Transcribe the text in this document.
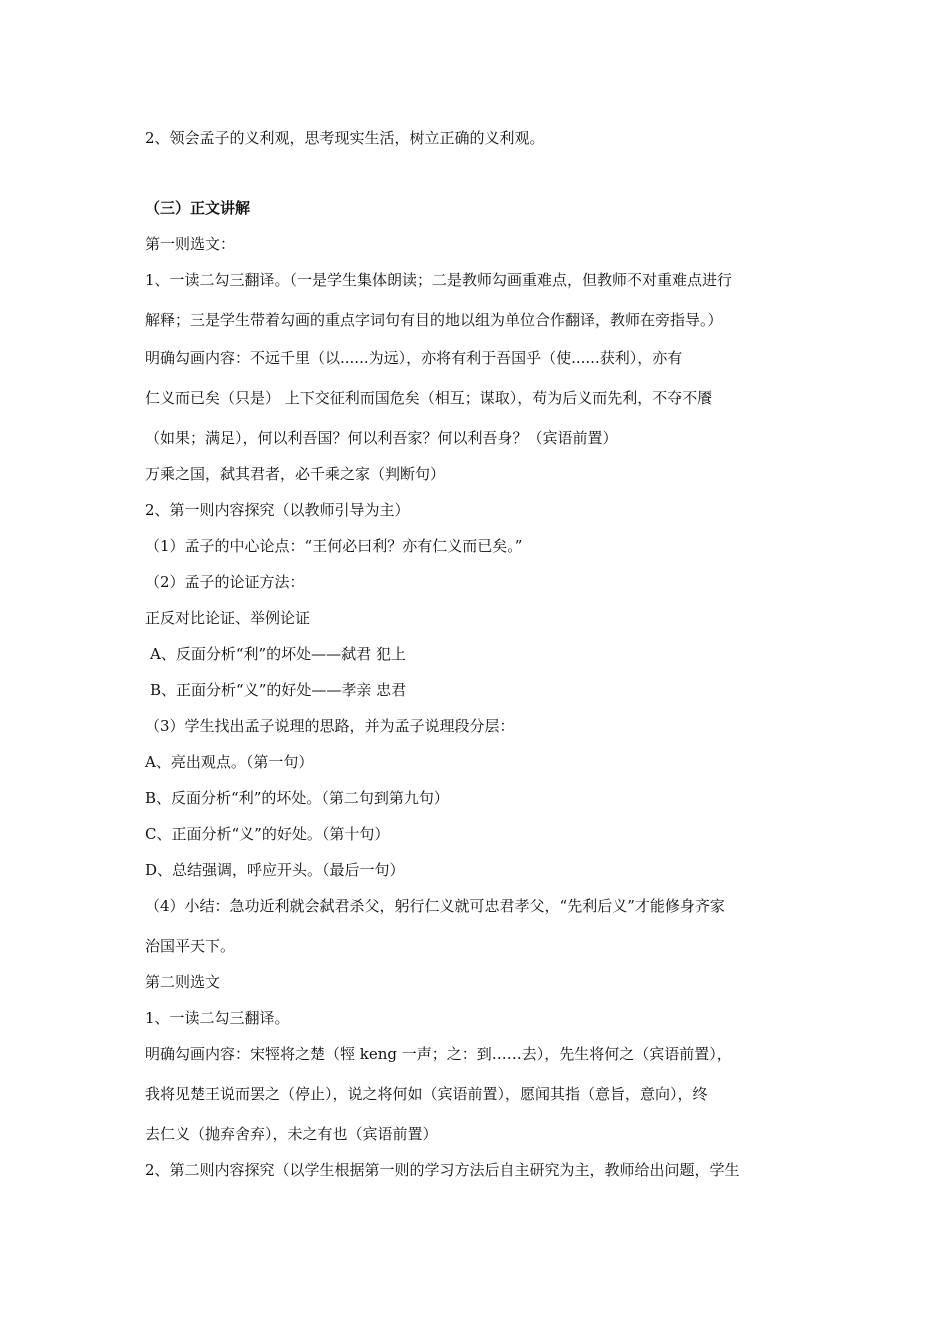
2、领会孟子的义利观，思考现实生活，树立正确的义利观。
（三）正文讲解
第一则选文：
1、一读二勾三翻译。（一是学生集体朗读；二是教师勾画重难点，但教师不对重难点进行
解释；三是学生带着勾画的重点字词句有目的地以组为单位合作翻译，教师在旁指导。）
明确勾画内容：不远千里（以......为远），亦将有利于吾国乎（使......获利），亦有
仁义而已矣（只是） 上下交征利而国危矣（相互；谋取），苟为后义而先利，不夺不餍
（如果；满足），何以利吾国？何以利吾家？何以利吾身？（宾语前置）
万乘之国，弑其君者，必千乘之家（判断句）
2、第一则内容探究（以教师引导为主）
（1）孟子的中心论点：“王何必曰利？亦有仁义而已矣。”
（2）孟子的论证方法：
正反对比论证、举例论证
A、反面分析“利”的坏处——弑君 犯上
B、正面分析“义”的好处——孝亲 忠君
（3）学生找出孟子说理的思路，并为孟子说理段分层：
A、亮出观点。（第一句）
B、反面分析“利”的坏处。（第二句到第九句）
C、正面分析“义”的好处。（第十句）
D、总结强调，呼应开头。（最后一句）
（4）小结：急功近利就会弑君杀父，躬行仁义就可忠君孝父，“先利后义”才能修身齐家
治国平天下。
第二则选文
1、一读二勾三翻译。
明确勾画内容：宋牼将之楚（牼 keng 一声；之：到……去），先生将何之（宾语前置），
我将见楚王说而罢之（停止），说之将何如（宾语前置），愿闻其指（意旨，意向），终
去仁义（抛弃舍弃），未之有也（宾语前置）
2、第二则内容探究（以学生根据第一则的学习方法后自主研究为主，教师给出问题，学生
